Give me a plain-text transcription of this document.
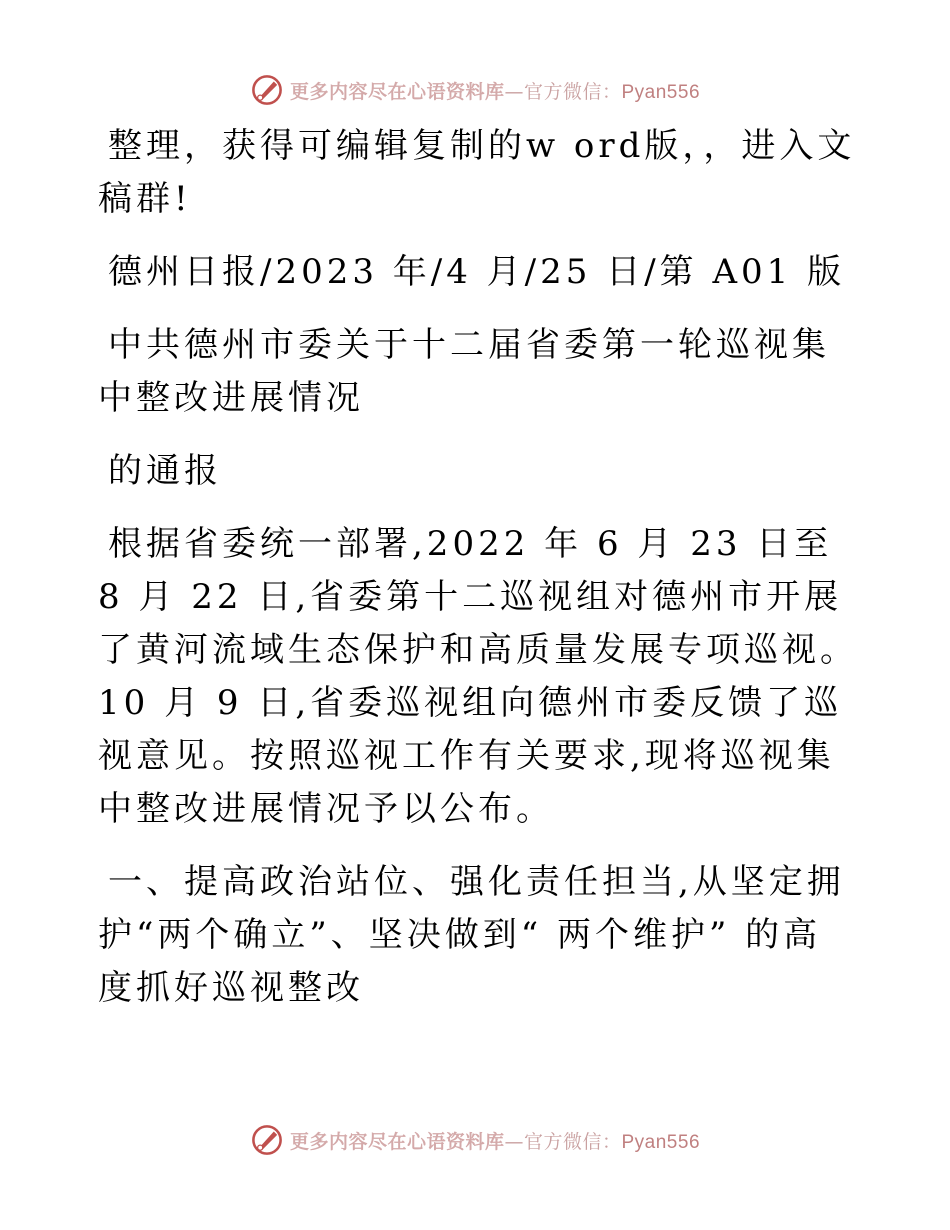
更多内容尽在心语资料库—官方微信：Pyan556

整理，获得可编辑复制的w ord版，，进入文稿群!

德州日报/2023 年/4 月/25 日/第 A01 版

中共德州市委关于十二届省委第一轮巡视集中整改进展情况

的通报

根据省委统一部署,2022 年 6 月 23 日至 8 月 22 日,省委第十二巡视组对德州市开展了黄河流域生态保护和高质量发展专项巡视。10 月 9 日,省委巡视组向德州市委反馈了巡视意见。按照巡视工作有关要求,现将巡视集中整改进展情况予以公布。

一、提高政治站位、强化责任担当,从坚定拥护“两个确立”、坚决做到“ 两个维护” 的高度抓好巡视整改

更多内容尽在心语资料库—官方微信：Pyan556
